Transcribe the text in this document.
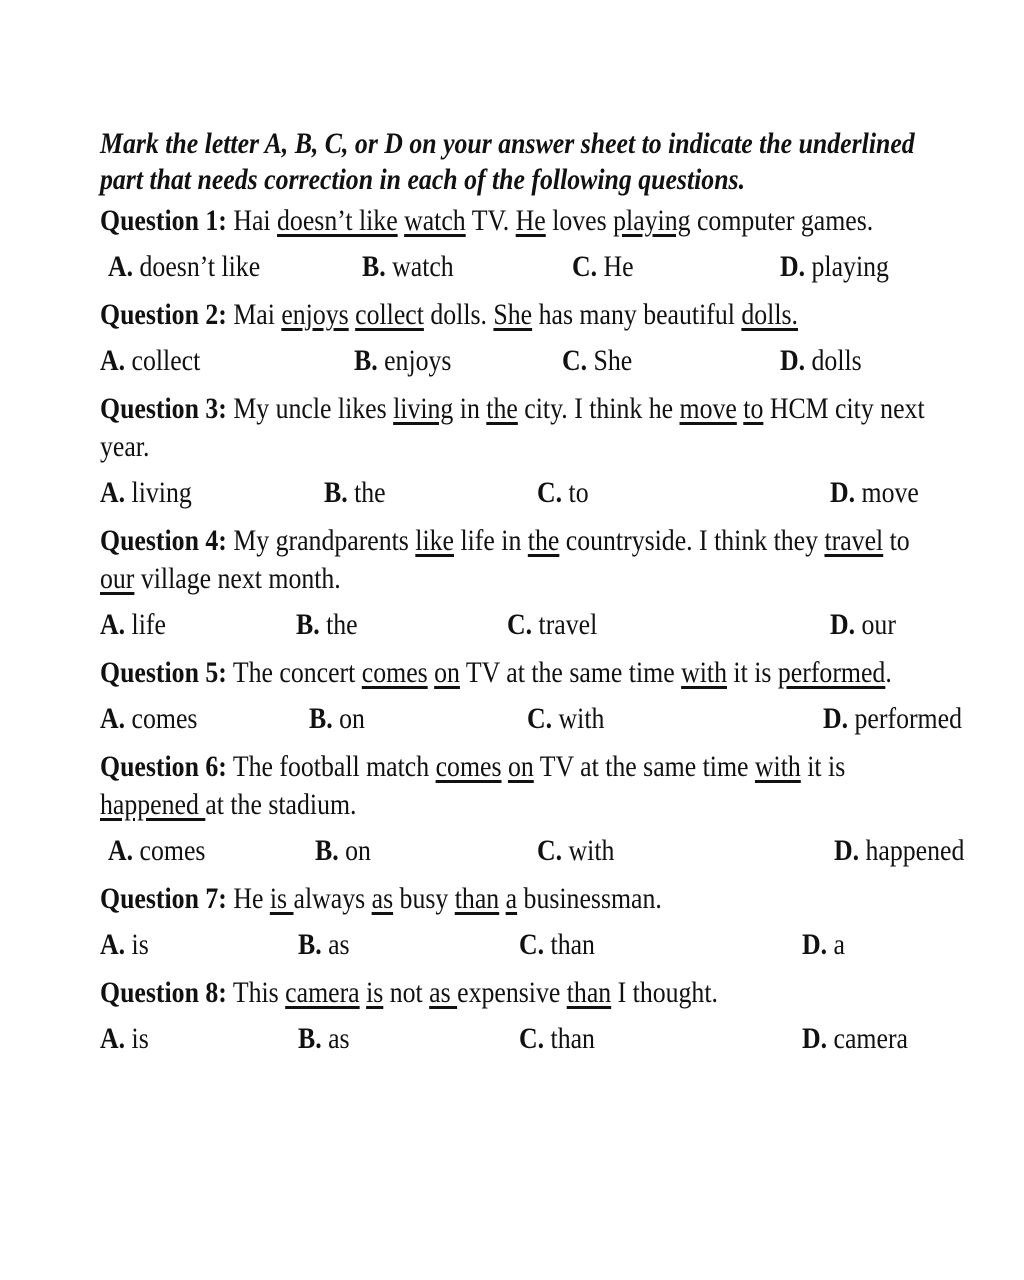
Mark the letter A, B, C, or D on your answer sheet to indicate the underlined part that needs correction in each of the following questions.

Question 1: Hai doesn’t like watch TV. He loves playing computer games.

A. doesn’t like	B. watch	C. He	D. playing

Question 2: Mai enjoys collect dolls. She has many beautiful dolls.

A. collect	B. enjoys	C. She	D. dolls

Question 3: My uncle likes living in the city. I think he move to HCM city next year.

A. living	B. the	C. to	D. move

Question 4: My grandparents like life in the countryside. I think they travel to our village next month.

A. life	B. the	C. travel	D. our

Question 5: The concert comes on TV at the same time with it is performed.

A. comes	B. on	C. with	D. performed

Question 6: The football match comes on TV at the same time with it is happened at the stadium.

A. comes	B. on	C. with	D. happened

Question 7: He is always as busy than a businessman.

A. is	B. as	C. than	D. a

Question 8: This camera is not as expensive than I thought.

A. is	B. as	C. than	D. camera
